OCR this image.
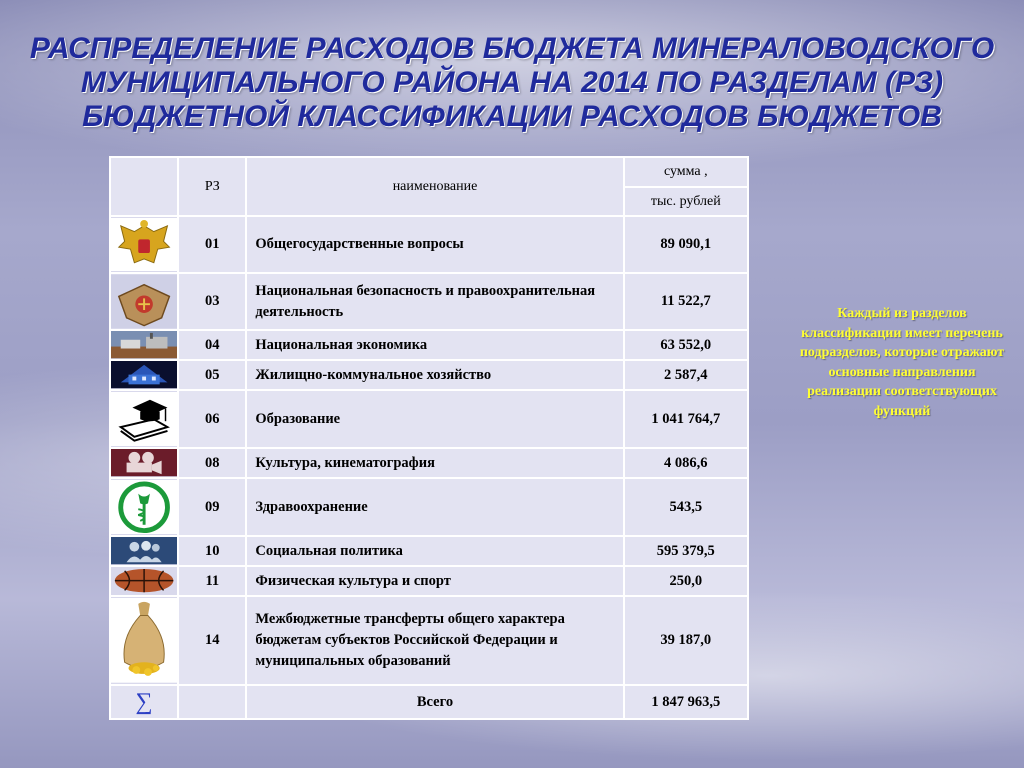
РАСПРЕДЕЛЕНИЕ РАСХОДОВ БЮДЖЕТА МИНЕРАЛОВОДСКОГО МУНИЦИПАЛЬНОГО РАЙОНА НА 2014 ПО РАЗДЕЛАМ (РЗ) БЮДЖЕТНОЙ КЛАССИФИКАЦИИ РАСХОДОВ БЮДЖЕТОВ
	РЗ	наименование	сумма ,
			тыс. рублей

	01	Общегосударственные вопросы	89 090,1

	03	Национальная безопасность и правоохранительная деятельность	11 522,7

	04	Национальная экономика	63 552,0

	05	Жилищно-коммунальное хозяйство	2 587,4

	06	Образование	1 041 764,7

	08	Культура, кинематография	4 086,6

	09	Здравоохранение	543,5

	10	Социальная политика	595 379,5

	11	Физическая культура и спорт	250,0

	14	Межбюджетные трансферты общего характера бюджетам субъектов Российской Федерации и муниципальных образований	39 187,0
∑		Всего	1 847 963,5

Каждый из разделов классификации имеет перечень подразделов, которые отражают основные направления реализации соответствующих функций
